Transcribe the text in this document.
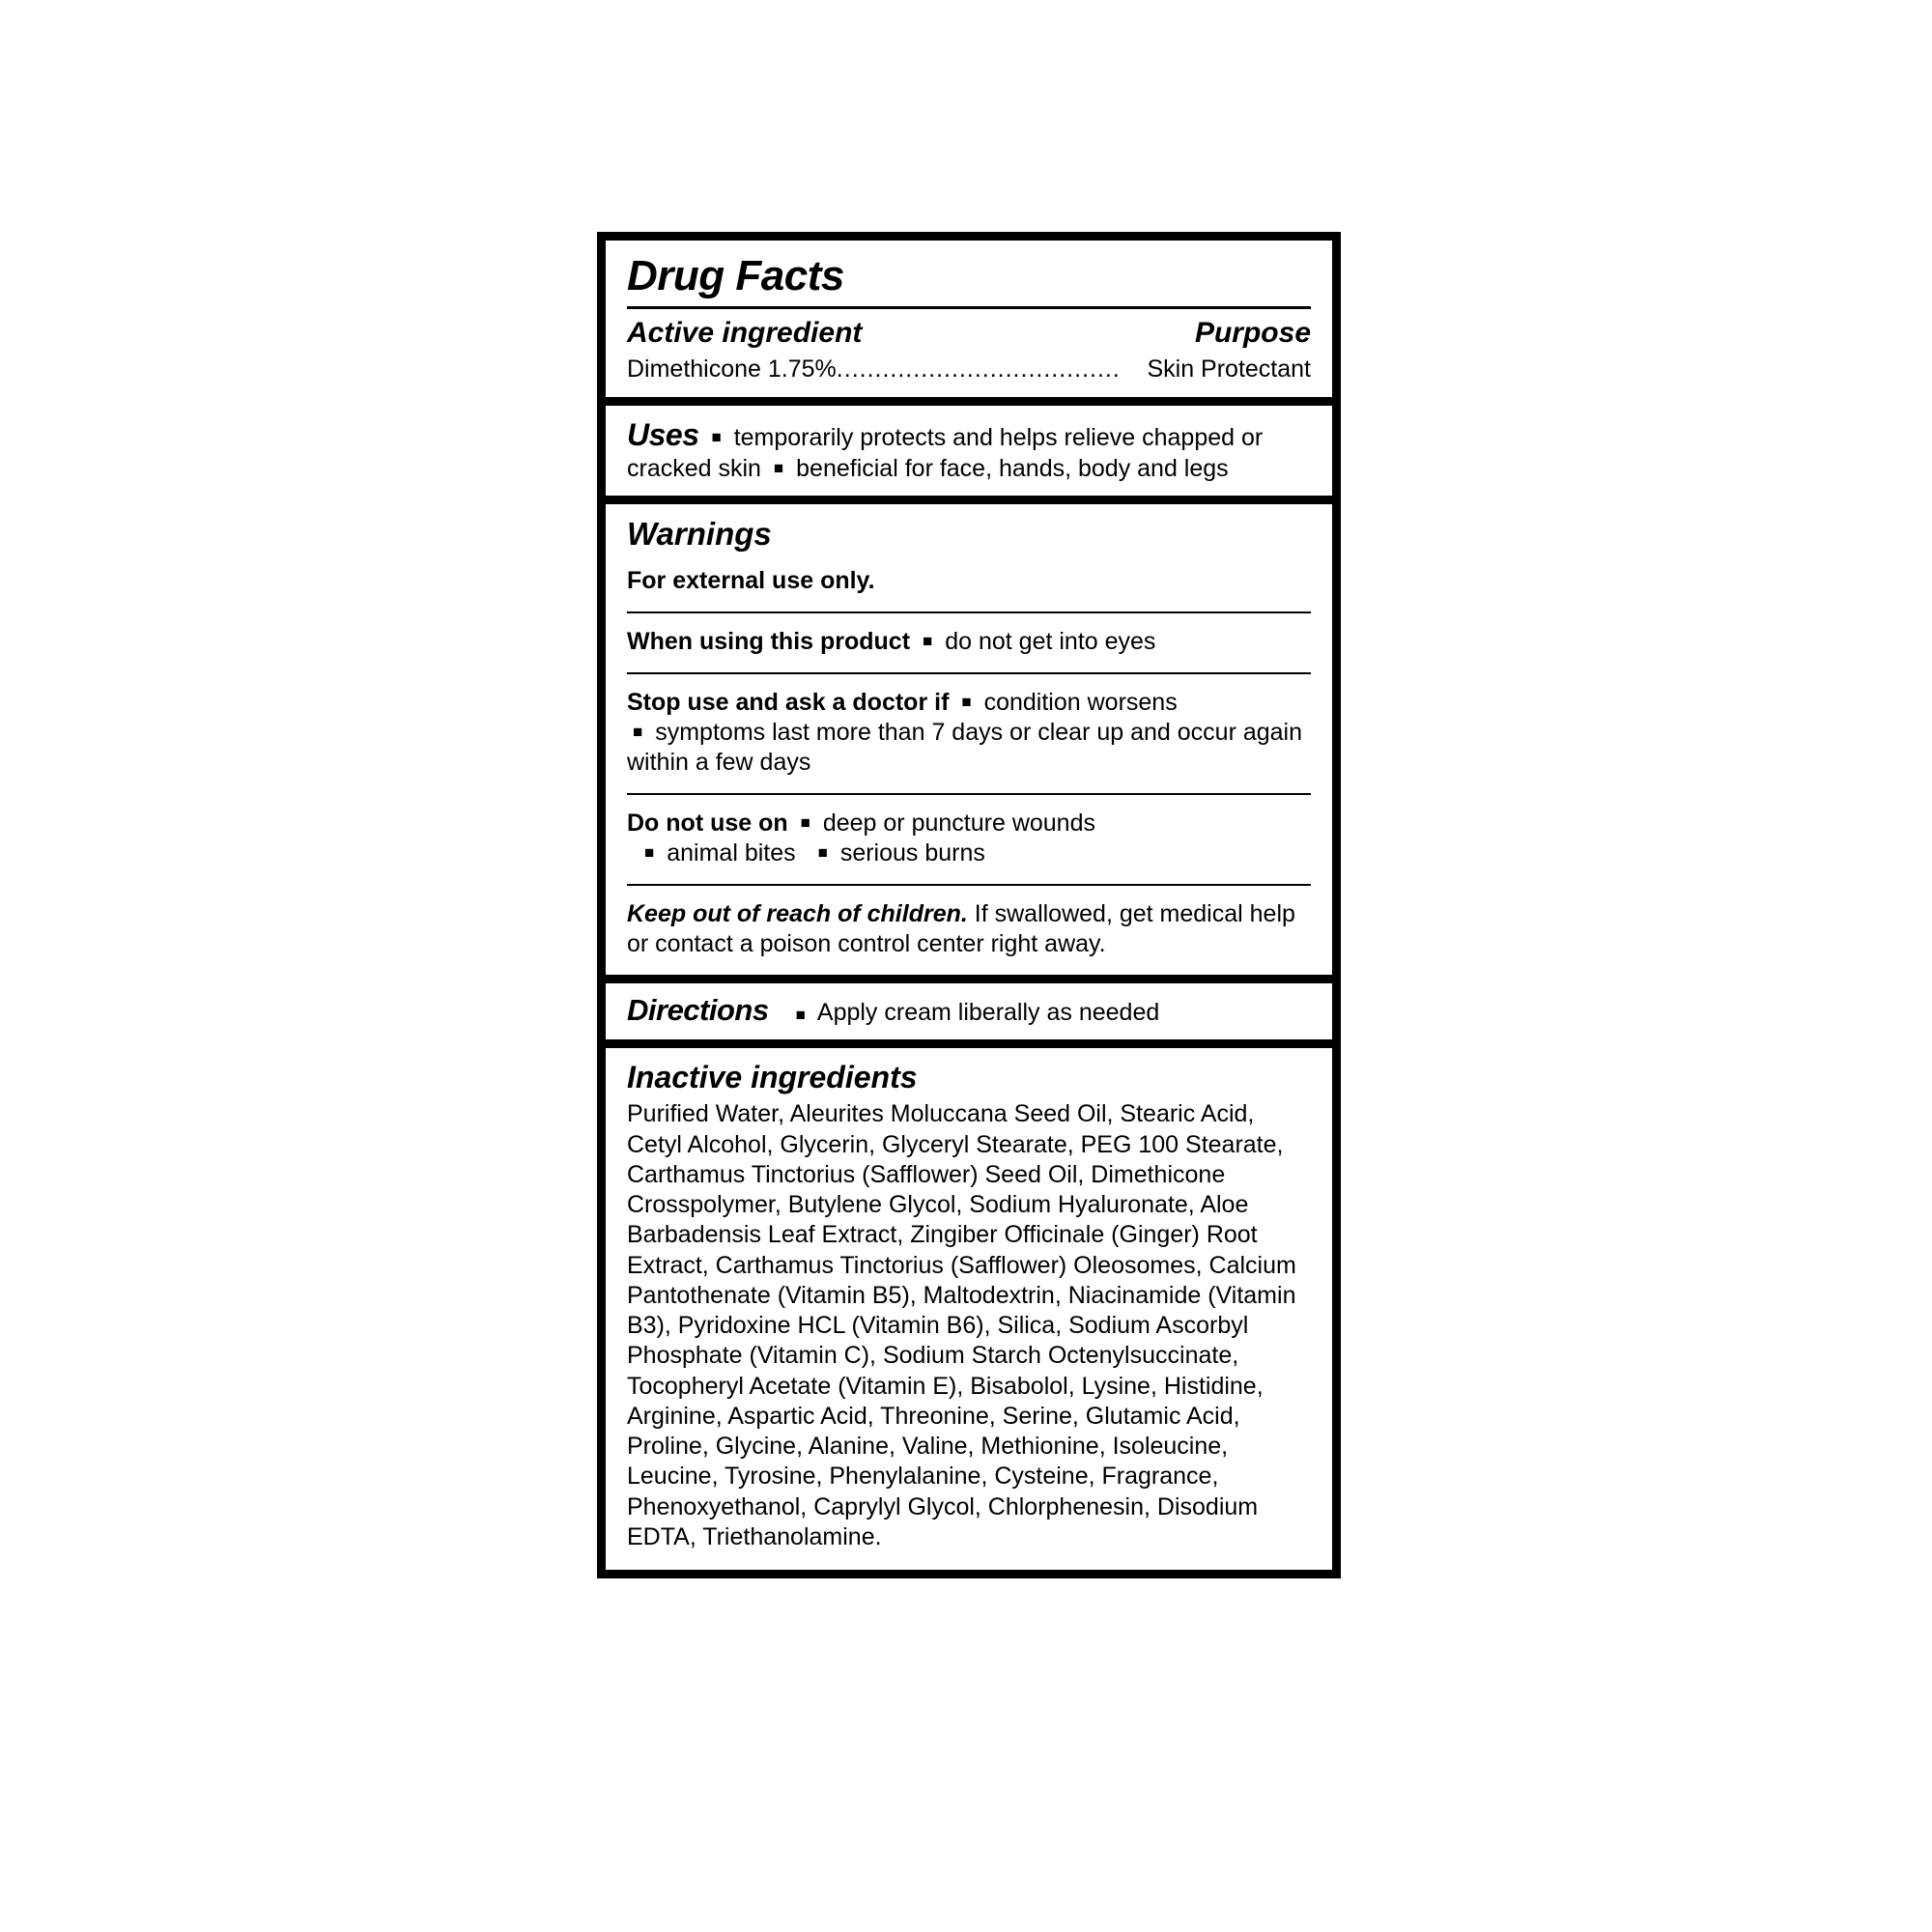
Drug Facts
Active ingredient	Purpose
Dimethicone 1.75% .....................................	Skin Protectant
Uses ■ temporarily protects and helps relieve chapped or cracked skin ■ beneficial for face, hands, body and legs
Warnings
For external use only.
When using this product ■ do not get into eyes
Stop use and ask a doctor if ■ condition worsens
■ symptoms last more than 7 days or clear up and occur again within a few days
Do not use on ■ deep or puncture wounds
■ animal bites ■ serious burns
Keep out of reach of children. If swallowed, get medical help or contact a poison control center right away.
Directions	■ Apply cream liberally as needed
Inactive ingredients
Purified Water, Aleurites Moluccana Seed Oil, Stearic Acid, Cetyl Alcohol, Glycerin, Glyceryl Stearate, PEG 100 Stearate, Carthamus Tinctorius (Safflower) Seed Oil, Dimethicone Crosspolymer, Butylene Glycol, Sodium Hyaluronate, Aloe Barbadensis Leaf Extract, Zingiber Officinale (Ginger) Root Extract, Carthamus Tinctorius (Safflower) Oleosomes, Calcium Pantothenate (Vitamin B5), Maltodextrin, Niacinamide (Vitamin B3), Pyridoxine HCL (Vitamin B6), Silica, Sodium Ascorbyl Phosphate (Vitamin C), Sodium Starch Octenylsuccinate, Tocopheryl Acetate (Vitamin E), Bisabolol, Lysine, Histidine, Arginine, Aspartic Acid, Threonine, Serine, Glutamic Acid, Proline, Glycine, Alanine, Valine, Methionine, Isoleucine, Leucine, Tyrosine, Phenylalanine, Cysteine, Fragrance, Phenoxyethanol, Caprylyl Glycol, Chlorphenesin, Disodium EDTA, Triethanolamine.
